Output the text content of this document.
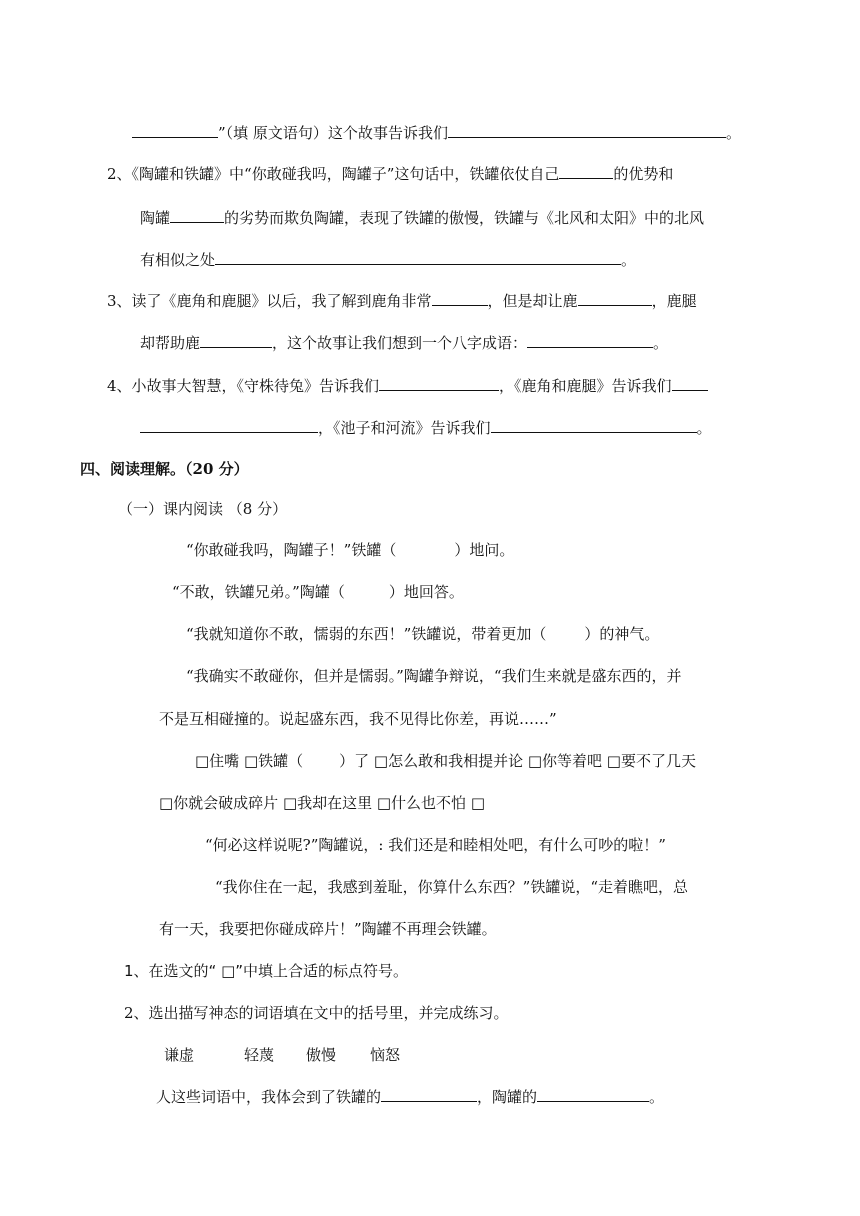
”（填 原文语句）这个故事告诉我们	。
2、《陶罐和铁罐》中“你敢碰我吗，陶罐子”这句话中，铁罐依仗自己	的优势和
陶罐	的劣势而欺负陶罐，表现了铁罐的傲慢，铁罐与《北风和太阳》中的北风
有相似之处	。
3、读了《鹿角和鹿腿》以后，我了解到鹿角非常	，但是却让鹿	，鹿腿
却帮助鹿	，这个故事让我们想到一个八字成语：	。
4、小故事大智慧，《守株待兔》告诉我们	，《鹿角和鹿腿》告诉我们
，《池子和河流》告诉我们	。
四、阅读理解。（20 分）
（一）课内阅读 （8 分）
“你敢碰我吗，陶罐子！”铁罐（	）地问。
“不敢，铁罐兄弟。”陶罐（	）地回答。
“我就知道你不敢，懦弱的东西！”铁罐说，带着更加（	）的神气。
“我确实不敢碰你，但并是懦弱。”陶罐争辩说，“我们生来就是盛东西的，并
不是互相碰撞的。说起盛东西，我不见得比你差，再说……”
□住嘴 □铁罐（ ）了 □怎么敢和我相提并论 □你等着吧 □要不了几天
□你就会破成碎片 □我却在这里 □什么也不怕 □
“何必这样说呢?”陶罐说，: 我们还是和睦相处吧，有什么可吵的啦！”
“我你住在一起，我感到羞耻，你算什么东西？”铁罐说，“走着瞧吧，总
有一天，我要把你碰成碎片！”陶罐不再理会铁罐。
1、在选文的“ □”中填上合适的标点符号。
2、选出描写神态的词语填在文中的括号里，并完成练习。
谦虚	轻蔑 傲慢 恼怒
人这些词语中，我体会到了铁罐的	，陶罐的	。
